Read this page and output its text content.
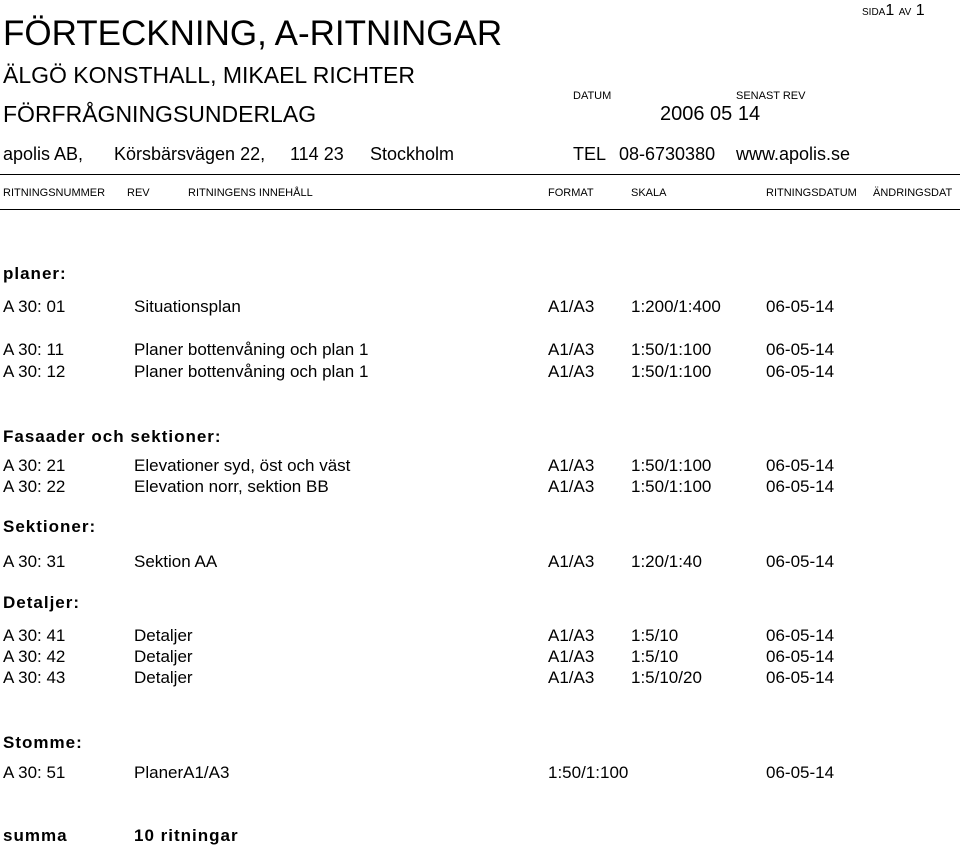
FÖRTECKNING, A-RITNINGAR
ÄLGÖ KONSTHALL, MIKAEL RICHTER
FÖRFRÅGNINGSUNDERLAG
SIDA1 AV 1
DATUM	SENAST REV
2006 05 14
apolis AB, Körsbärsvägen 22, 114 23 Stockholm	TEL 08-6730380 www.apolis.se
RITNINGSNUMMER REV	RITNINGENS INNEHÅLL	FORMAT	SKALA	RITNINGSDATUM ÄNDRINGSDAT
planer:
A 30: 01	Situationsplan	A1/A3 1:200/1:400	06-05-14
A 30: 11	Planer bottenvåning och plan 1	A1/A3 1:50/1:100	06-05-14
A 30: 12	Planer bottenvåning och plan 1	A1/A3 1:50/1:100	06-05-14
Fasaader och sektioner:
A 30: 21	Elevationer syd, öst och väst	A1/A3 1:50/1:100	06-05-14
A 30: 22	Elevation norr, sektion BB	A1/A3 1:50/1:100	06-05-14
Sektioner:
A 30: 31	Sektion AA	A1/A3 1:20/1:40	06-05-14
Detaljer:
A 30: 41	Detaljer	A1/A3 1:5/10	06-05-14
A 30: 42	Detaljer	A1/A3 1:5/10	06-05-14
A 30: 43	Detaljer	A1/A3 1:5/10/20	06-05-14
Stomme:
A 30: 51	PlanerA1/A3	1:50/1:100	06-05-14
summa	10 ritningar
